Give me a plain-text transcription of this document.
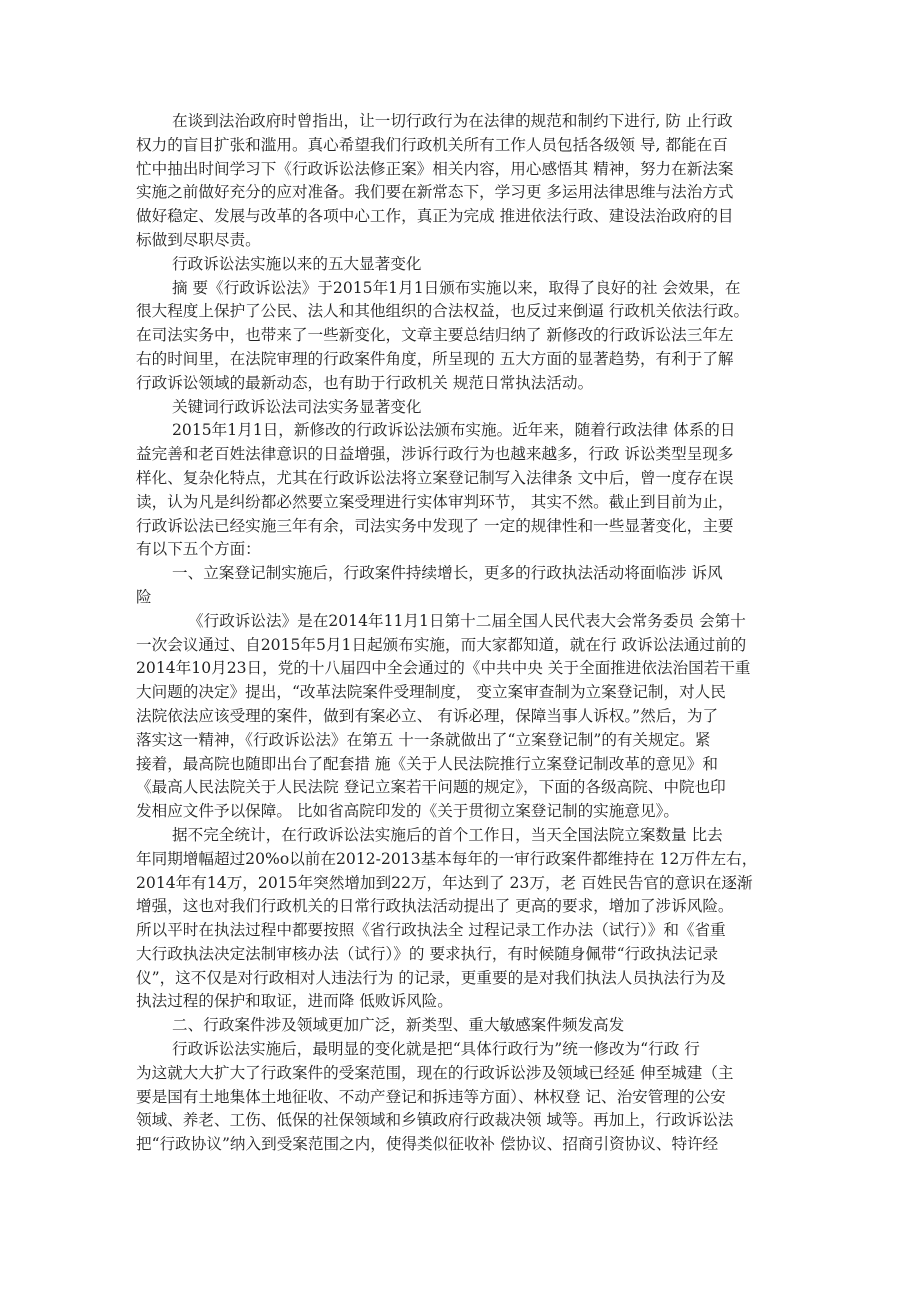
在谈到法治政府时曾指出，让一切行政行为在法律的规范和制约下进行, 防 止行政
权力的盲目扩张和滥用。真心希望我们行政机关所有工作人员包括各级领 导, 都能在百
忙中抽出时间学习下《行政诉讼法修正案》相关内容，用心感悟其 精神，努力在新法案
实施之前做好充分的应对准备。我们要在新常态下，学习更 多运用法律思维与法治方式
做好稳定、发展与改革的各项中心工作，真正为完成 推进依法行政、建设法治政府的目
标做到尽职尽责。
行政诉讼法实施以来的五大显著变化
摘 要《行政诉讼法》于2015年1月1日颁布实施以来，取得了良好的社 会效果，在
很大程度上保护了公民、法人和其他组织的合法权益，也反过来倒逼 行政机关依法行政。
在司法实务中，也带来了一些新变化，文章主要总结归纳了 新修改的行政诉讼法三年左
右的时间里，在法院审理的行政案件角度，所呈现的 五大方面的显著趋势，有利于了解
行政诉讼领域的最新动态，也有助于行政机关 规范日常执法活动。
关键词行政诉讼法司法实务显著变化
2015年1月1日，新修改的行政诉讼法颁布实施。近年来，随着行政法律 体系的日
益完善和老百姓法律意识的日益增强，涉诉行政行为也越来越多，行政 诉讼类型呈现多
样化、复杂化特点，尤其在行政诉讼法将立案登记制写入法律条 文中后，曾一度存在误
读，认为凡是纠纷都必然要立案受理进行实体审判环节， 其实不然。截止到目前为止，
行政诉讼法已经实施三年有余，司法实务中发现了 一定的规律性和一些显著变化，主要
有以下五个方面：
一、立案登记制实施后，行政案件持续增长，更多的行政执法活动将面临涉 诉风
险
《行政诉讼法》是在2014年11月1日第十二届全国人民代表大会常务委员 会第十
一次会议通过、自2015年5月1日起颁布实施，而大家都知道，就在行 政诉讼法通过前的
2014年10月23日，党的十八届四中全会通过的《中共中央 关于全面推进依法治国若干重
大问题的决定》提出，“改革法院案件受理制度， 变立案审查制为立案登记制，对人民
法院依法应该受理的案件，做到有案必立、 有诉必理，保障当事人诉权。”然后，为了
落实这一精神，《行政诉讼法》在第五 十一条就做出了“立案登记制”的有关规定。紧
接着，最高院也随即出台了配套措 施《关于人民法院推行立案登记制改革的意见》和
《最高人民法院关于人民法院 登记立案若干问题的规定》，下面的各级高院、中院也印
发相应文件予以保障。 比如省高院印发的《关于贯彻立案登记制的实施意见》。
据不完全统计，在行政诉讼法实施后的首个工作日，当天全国法院立案数量 比去
年同期增幅超过20%o以前在2012-2013基本每年的一审行政案件都维持在 12万件左右，
2014年有14万，2015年突然增加到22万，年达到了 23万，老 百姓民告官的意识在逐渐
增强，这也对我们行政机关的日常行政执法活动提出了 更高的要求，增加了涉诉风险。
所以平时在执法过程中都要按照《省行政执法全 过程记录工作办法（试行）》和《省重
大行政执法决定法制审核办法（试行）》的 要求执行，有时候随身佩带“行政执法记录
仪”，这不仅是对行政相对人违法行为 的记录，更重要的是对我们执法人员执法行为及
执法过程的保护和取证，进而降 低败诉风险。
二、行政案件涉及领域更加广泛，新类型、重大敏感案件频发高发
行政诉讼法实施后，最明显的变化就是把“具体行政行为”统一修改为“行政 行
为这就大大扩大了行政案件的受案范围，现在的行政诉讼涉及领域已经延 伸至城建（主
要是国有土地集体土地征收、不动产登记和拆违等方面）、林权登 记、治安管理的公安
领域、养老、工伤、低保的社保领域和乡镇政府行政裁决领 域等。再加上，行政诉讼法
把“行政协议”纳入到受案范围之内，使得类似征收补 偿协议、招商引资协议、特许经
